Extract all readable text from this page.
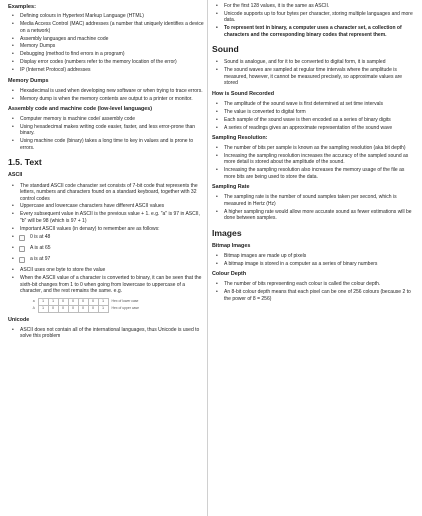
Examples:
• Defining colours in Hypertext Markup Language (HTML)
• Media Access Control (MAC) addresses (a number that uniquely identifies a device on a network)
• Assembly languages and machine code
• Memory Dumps
• Debugging (method to find errors in a program)
• Display error codes (numbers refer to the memory location of the error)
• IP (Internet Protocol) addresses
Memory Dumps
• Hexadecimal is used when developing new software or when trying to trace errors.
• Memory dump is when the memory contents are output to a printer or monitor.
Assembly code and machine code (low-level languages)
• Computer memory is machine code/ assembly code
• Using hexadecimal makes writing code easier, faster, and less error-prone than binary.
• Using machine code (binary) takes a long time to key in values and is prone to errors.
1.5. Text
ASCII
• The standard ASCII code character set consists of 7-bit code that represents the letters, numbers and characters found on a standard keyboard, together with 32 control codes
• Uppercase and lowercase characters have different ASCII values
• Every subsequent value in ASCII is the previous value + 1. e.g. "a" is 97 in ASCII, "b" will be 98 (which is 97 + 1)
• Important ASCII values (in denary) to remember are as follows:
• 0 is at 48
• A is at 65
• a is at 97
• ASCII uses one byte to store the value
• When the ASCII value of a character is converted to binary, it can be seen that the sixth-bit changes from 1 to 0 when going from lowercase to uppercase of a character, and the rest remains the same. e.g.
a	1	1	0	0	0	0	1	Hex of lower case
A	1	0	0	0	0	0	1	Hex of upper case
Unicode
• ASCII does not contain all of the international languages, thus Unicode is used to solve this problem
• For the first 128 values, it is the same as ASCII.
• Unicode supports up to four bytes per character, storing multiple languages and more data.
• To represent text in binary, a computer uses a character set, a collection of characters and the corresponding binary codes that represent them.
Sound
• Sound is analogue, and for it to be converted to digital form, it is sampled
• The sound waves are sampled at regular time intervals where the amplitude is measured, however, it cannot be measured precisely, so approximate values are stored
How is Sound Recorded
• The amplitude of the sound wave is first determined at set time intervals
• The value is converted to digital form
• Each sample of the sound wave is then encoded as a series of binary digits
• A series of readings gives an approximate representation of the sound wave
Sampling Resolution:
• The number of bits per sample is known as the sampling resolution (aka bit depth)
• Increasing the sampling resolution increases the accuracy of the sampled sound as more detail is stored about the amplitude of the sound.
• Increasing the sampling resolution also increases the memory usage of the file as more bits are being used to store the data.
Sampling Rate
• The sampling rate is the number of sound samples taken per second, which is measured in Hertz (Hz)
• A higher sampling rate would allow more accurate sound as fewer estimations will be done between samples.
Images
Bitmap Images
• Bitmap images are made up of pixels
• A bitmap image is stored in a computer as a series of binary numbers
Colour Depth
• The number of bits representing each colour is called the colour depth.
• An 8-bit colour depth means that each pixel can be one of 256 colours (because 2 to the power of 8 = 256)
